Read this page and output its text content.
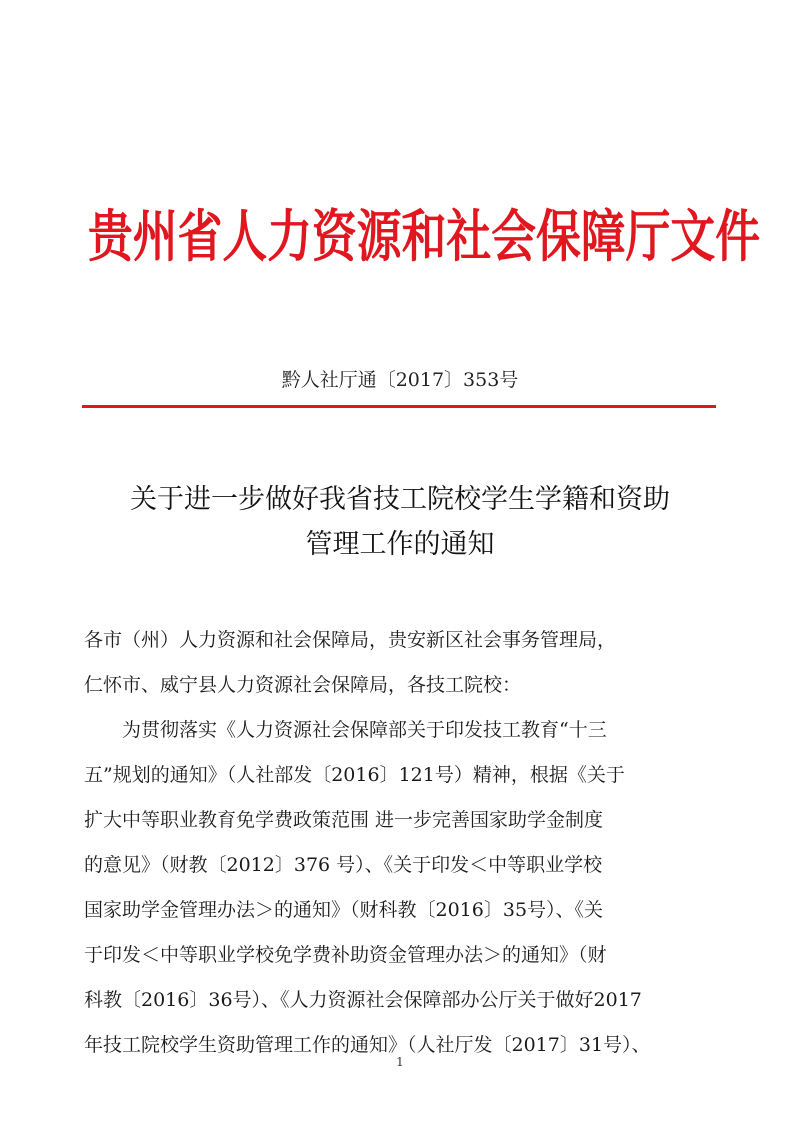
贵州省人力资源和社会保障厅文件
黔人社厅通〔2017〕353号
关于进一步做好我省技工院校学生学籍和资助
管理工作的通知
各市（州）人力资源和社会保障局，贵安新区社会事务管理局，
仁怀市、威宁县人力资源社会保障局，各技工院校：
为贯彻落实《人力资源社会保障部关于印发技工教育“十三
五”规划的通知》（人社部发〔2016〕121号）精神，根据《关于
扩大中等职业教育免学费政策范围 进一步完善国家助学金制度
的意见》（财教〔2012〕376 号）、《关于印发＜中等职业学校
国家助学金管理办法＞的通知》（财科教〔2016〕35号）、《关
于印发＜中等职业学校免学费补助资金管理办法＞的通知》（财
科教〔2016〕36号）、《人力资源社会保障部办公厅关于做好2017
年技工院校学生资助管理工作的通知》（人社厅发〔2017〕31号）、
1
